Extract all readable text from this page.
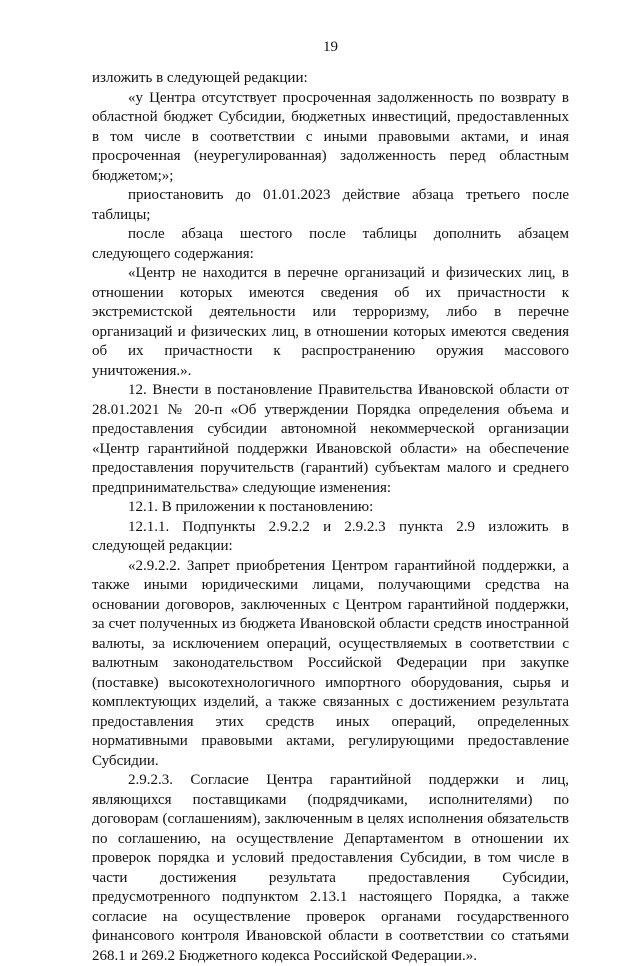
19

изложить в следующей редакции:

«у Центра отсутствует просроченная задолженность по возврату в областной бюджет Субсидии, бюджетных инвестиций, предоставленных в том числе в соответствии с иными правовыми актами, и иная просроченная (неурегулированная) задолженность перед областным бюджетом;»;

приостановить до 01.01.2023 действие абзаца третьего после таблицы;

после абзаца шестого после таблицы дополнить абзацем следующего содержания:

«Центр не находится в перечне организаций и физических лиц, в отношении которых имеются сведения об их причастности к экстремистской деятельности или терроризму, либо в перечне организаций и физических лиц, в отношении которых имеются сведения об их причастности к распространению оружия массового уничтожения.».

12. Внести в постановление Правительства Ивановской области от 28.01.2021 № 20-п «Об утверждении Порядка определения объема и предоставления субсидии автономной некоммерческой организации «Центр гарантийной поддержки Ивановской области» на обеспечение предоставления поручительств (гарантий) субъектам малого и среднего предпринимательства» следующие изменения:

12.1. В приложении к постановлению:

12.1.1. Подпункты 2.9.2.2 и 2.9.2.3 пункта 2.9 изложить в следующей редакции:

«2.9.2.2. Запрет приобретения Центром гарантийной поддержки, а также иными юридическими лицами, получающими средства на основании договоров, заключенных с Центром гарантийной поддержки, за счет полученных из бюджета Ивановской области средств иностранной валюты, за исключением операций, осуществляемых в соответствии с валютным законодательством Российской Федерации при закупке (поставке) высокотехнологичного импортного оборудования, сырья и комплектующих изделий, а также связанных с достижением результата предоставления этих средств иных операций, определенных нормативными правовыми актами, регулирующими предоставление Субсидии.

2.9.2.3. Согласие Центра гарантийной поддержки и лиц, являющихся поставщиками (подрядчиками, исполнителями) по договорам (соглашениям), заключенным в целях исполнения обязательств по соглашению, на осуществление Департаментом в отношении их проверок порядка и условий предоставления Субсидии, в том числе в части достижения результата предоставления Субсидии, предусмотренного подпунктом 2.13.1 настоящего Порядка, а также согласие на осуществление проверок органами государственного финансового контроля Ивановской области в соответствии со статьями 268.1 и 269.2 Бюджетного кодекса Российской Федерации.».
